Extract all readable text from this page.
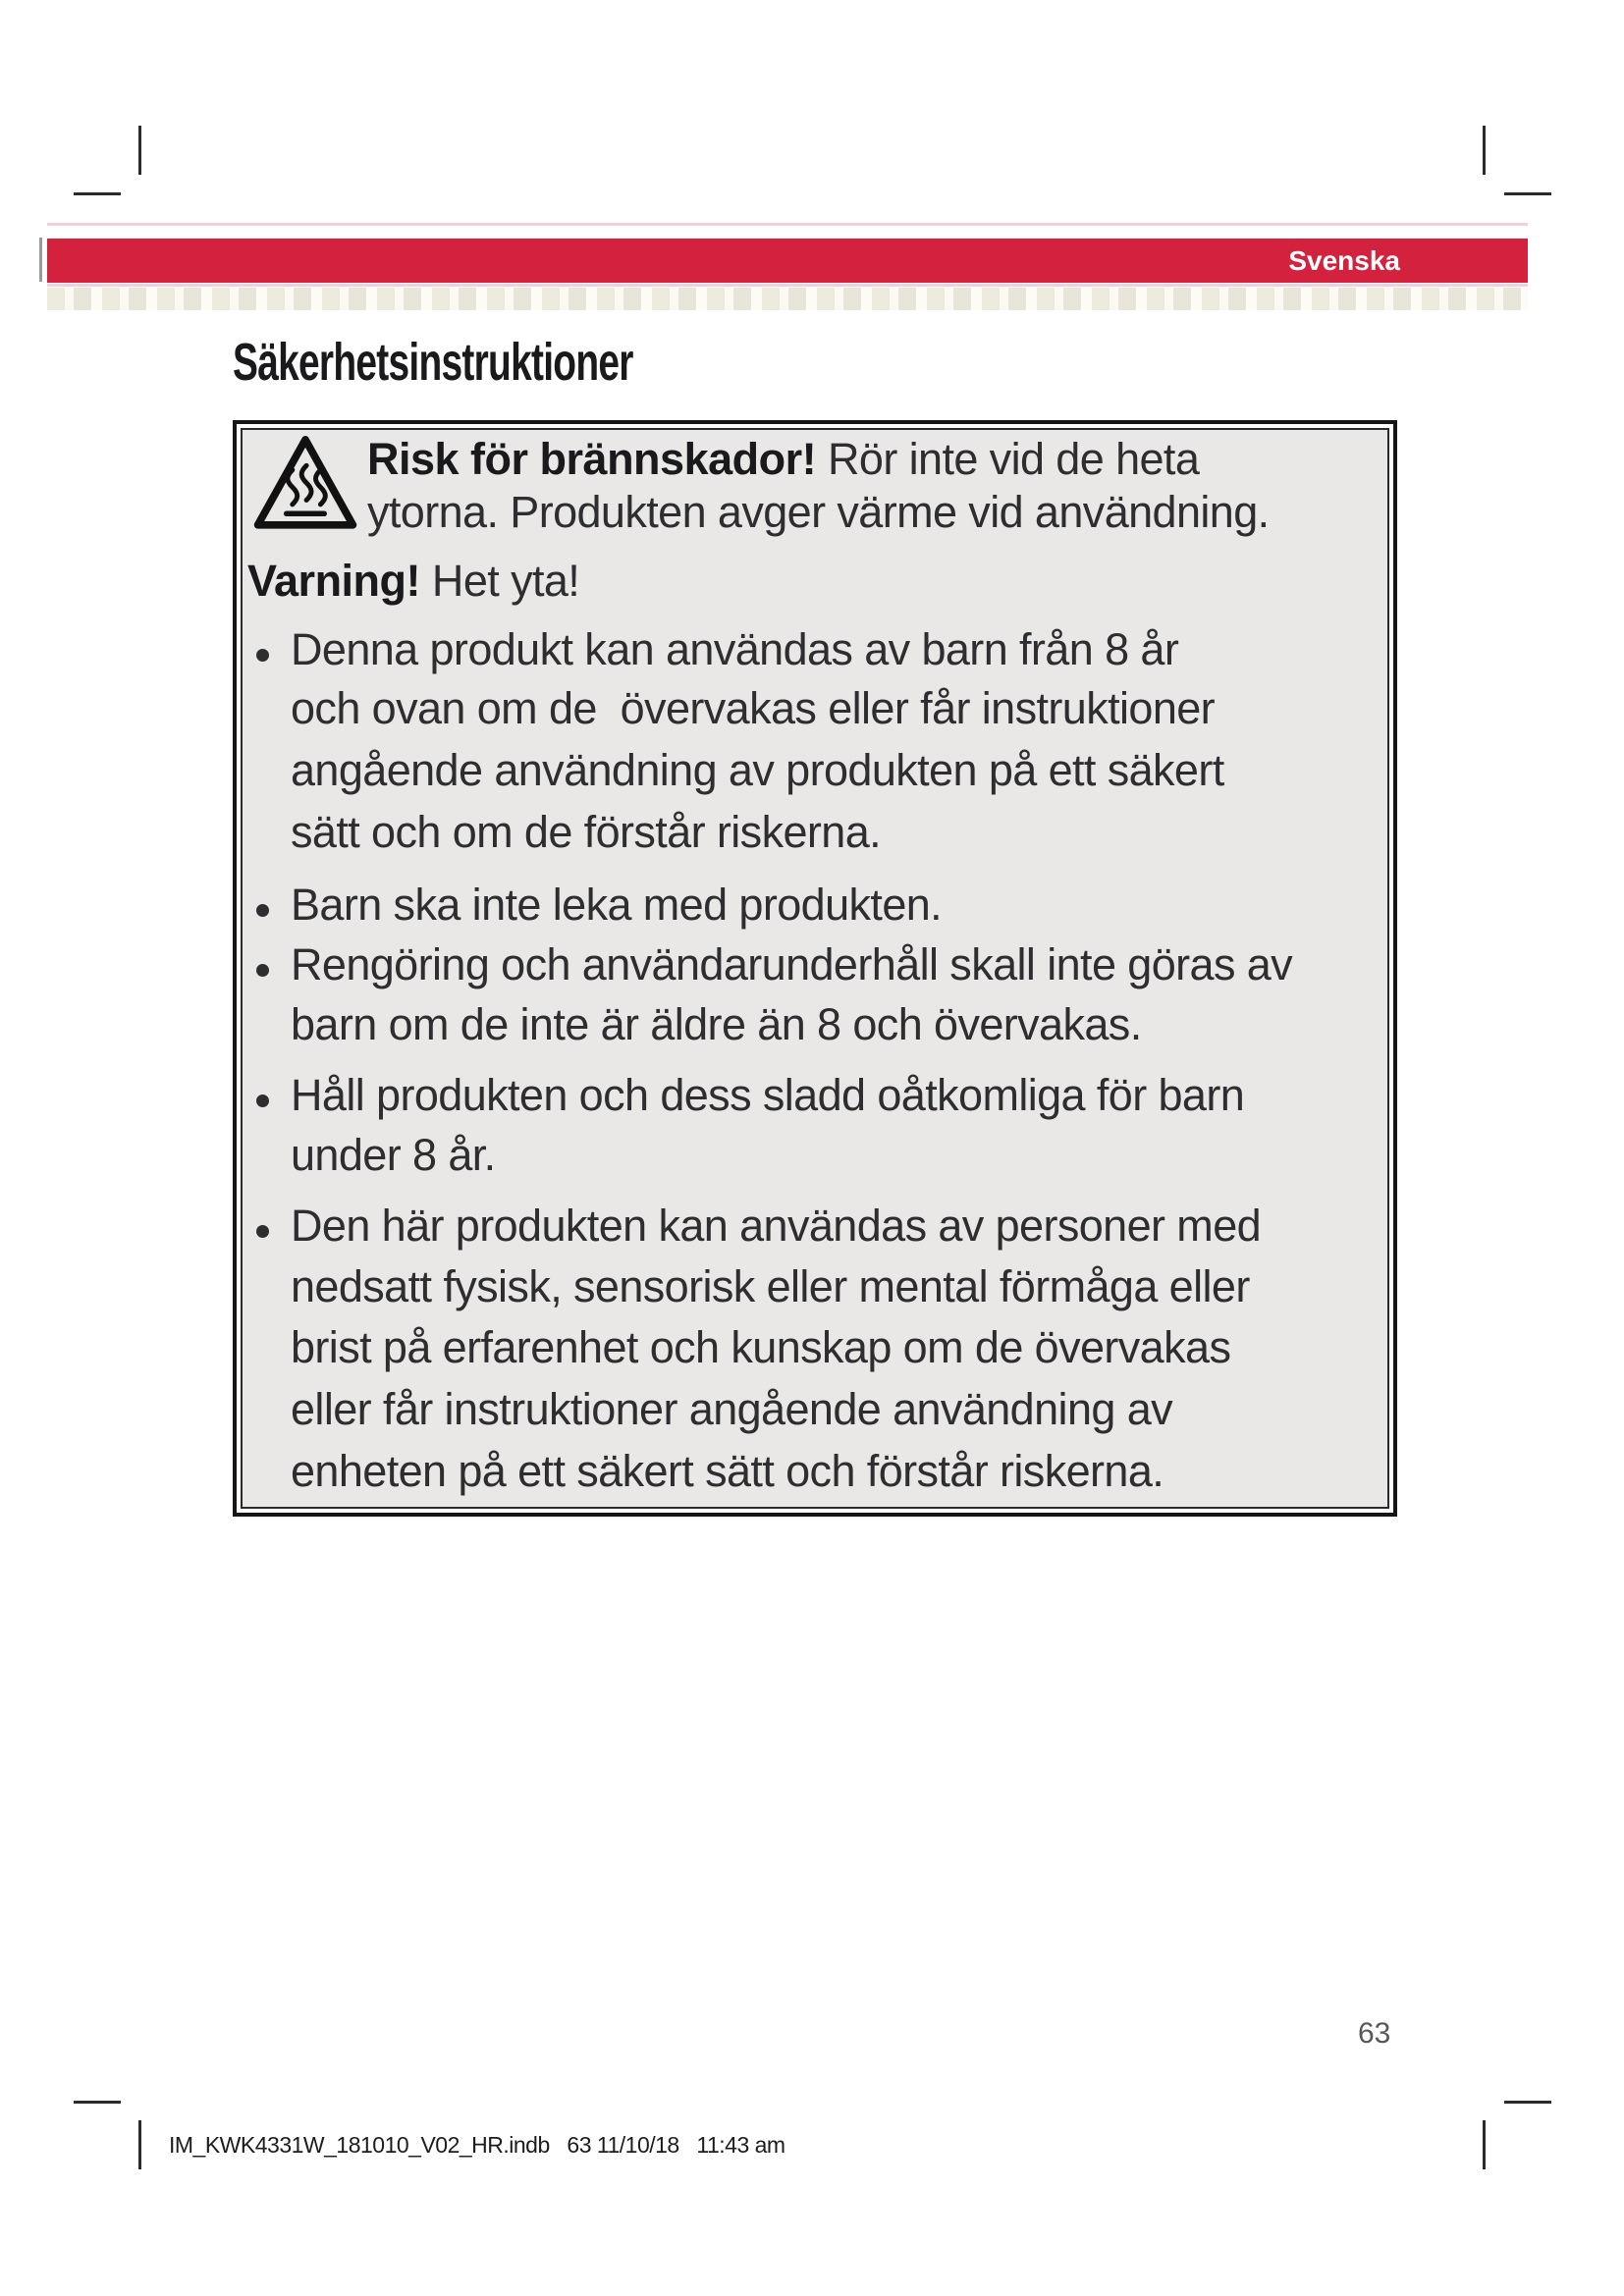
Svenska
Säkerhetsinstruktioner
Risk för brännskador! Rör inte vid de heta
ytorna. Produkten avger värme vid användning.
Varning! Het yta!
Denna produkt kan användas av barn från 8 år
och ovan om de  övervakas eller får instruktioner
angående användning av produkten på ett säkert
sätt och om de förstår riskerna.
Barn ska inte leka med produkten.
Rengöring och användarunderhåll skall inte göras av
barn om de inte är äldre än 8 och övervakas.
Håll produkten och dess sladd oåtkomliga för barn
under 8 år.
Den här produkten kan användas av personer med
nedsatt fysisk, sensorisk eller mental förmåga eller
brist på erfarenhet och kunskap om de övervakas
eller får instruktioner angående användning av
enheten på ett säkert sätt och förstår riskerna.
63
IM_KWK4331W_181010_V02_HR.indb   63 11/10/18   11:43 am
